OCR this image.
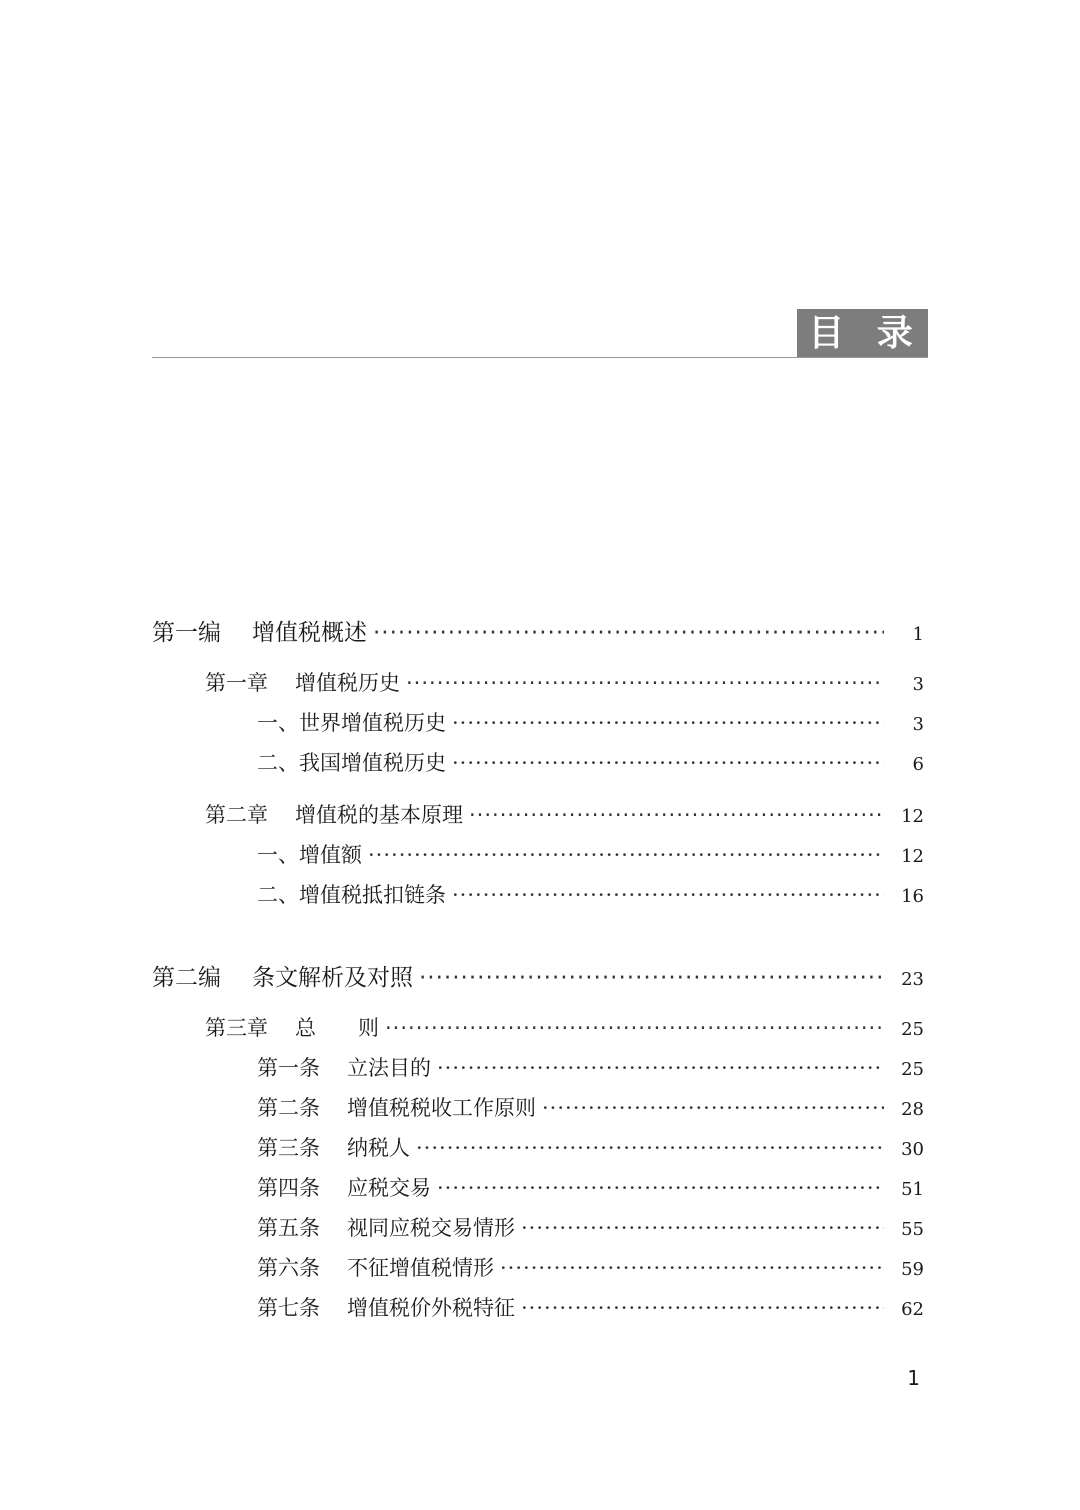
目 录
第一编 增值税概述 ·····	1
第一章 增值税历史 ·····	3
一、世界增值税历史 ·····	3
二、我国增值税历史 ·····	6
第二章 增值税的基本原理 ·····	12
一、增值额 ·····	12
二、增值税抵扣链条 ·····	16
第二编 条文解析及对照 ·····	23
第三章 总　　则 ·····	25
第一条 立法目的 ·····	25
第二条 增值税税收工作原则 ·····	28
第三条 纳税人 ·····	30
第四条 应税交易 ·····	51
第五条 视同应税交易情形 ·····	55
第六条 不征增值税情形 ·····	59
第七条 增值税价外税特征 ·····	62
1
